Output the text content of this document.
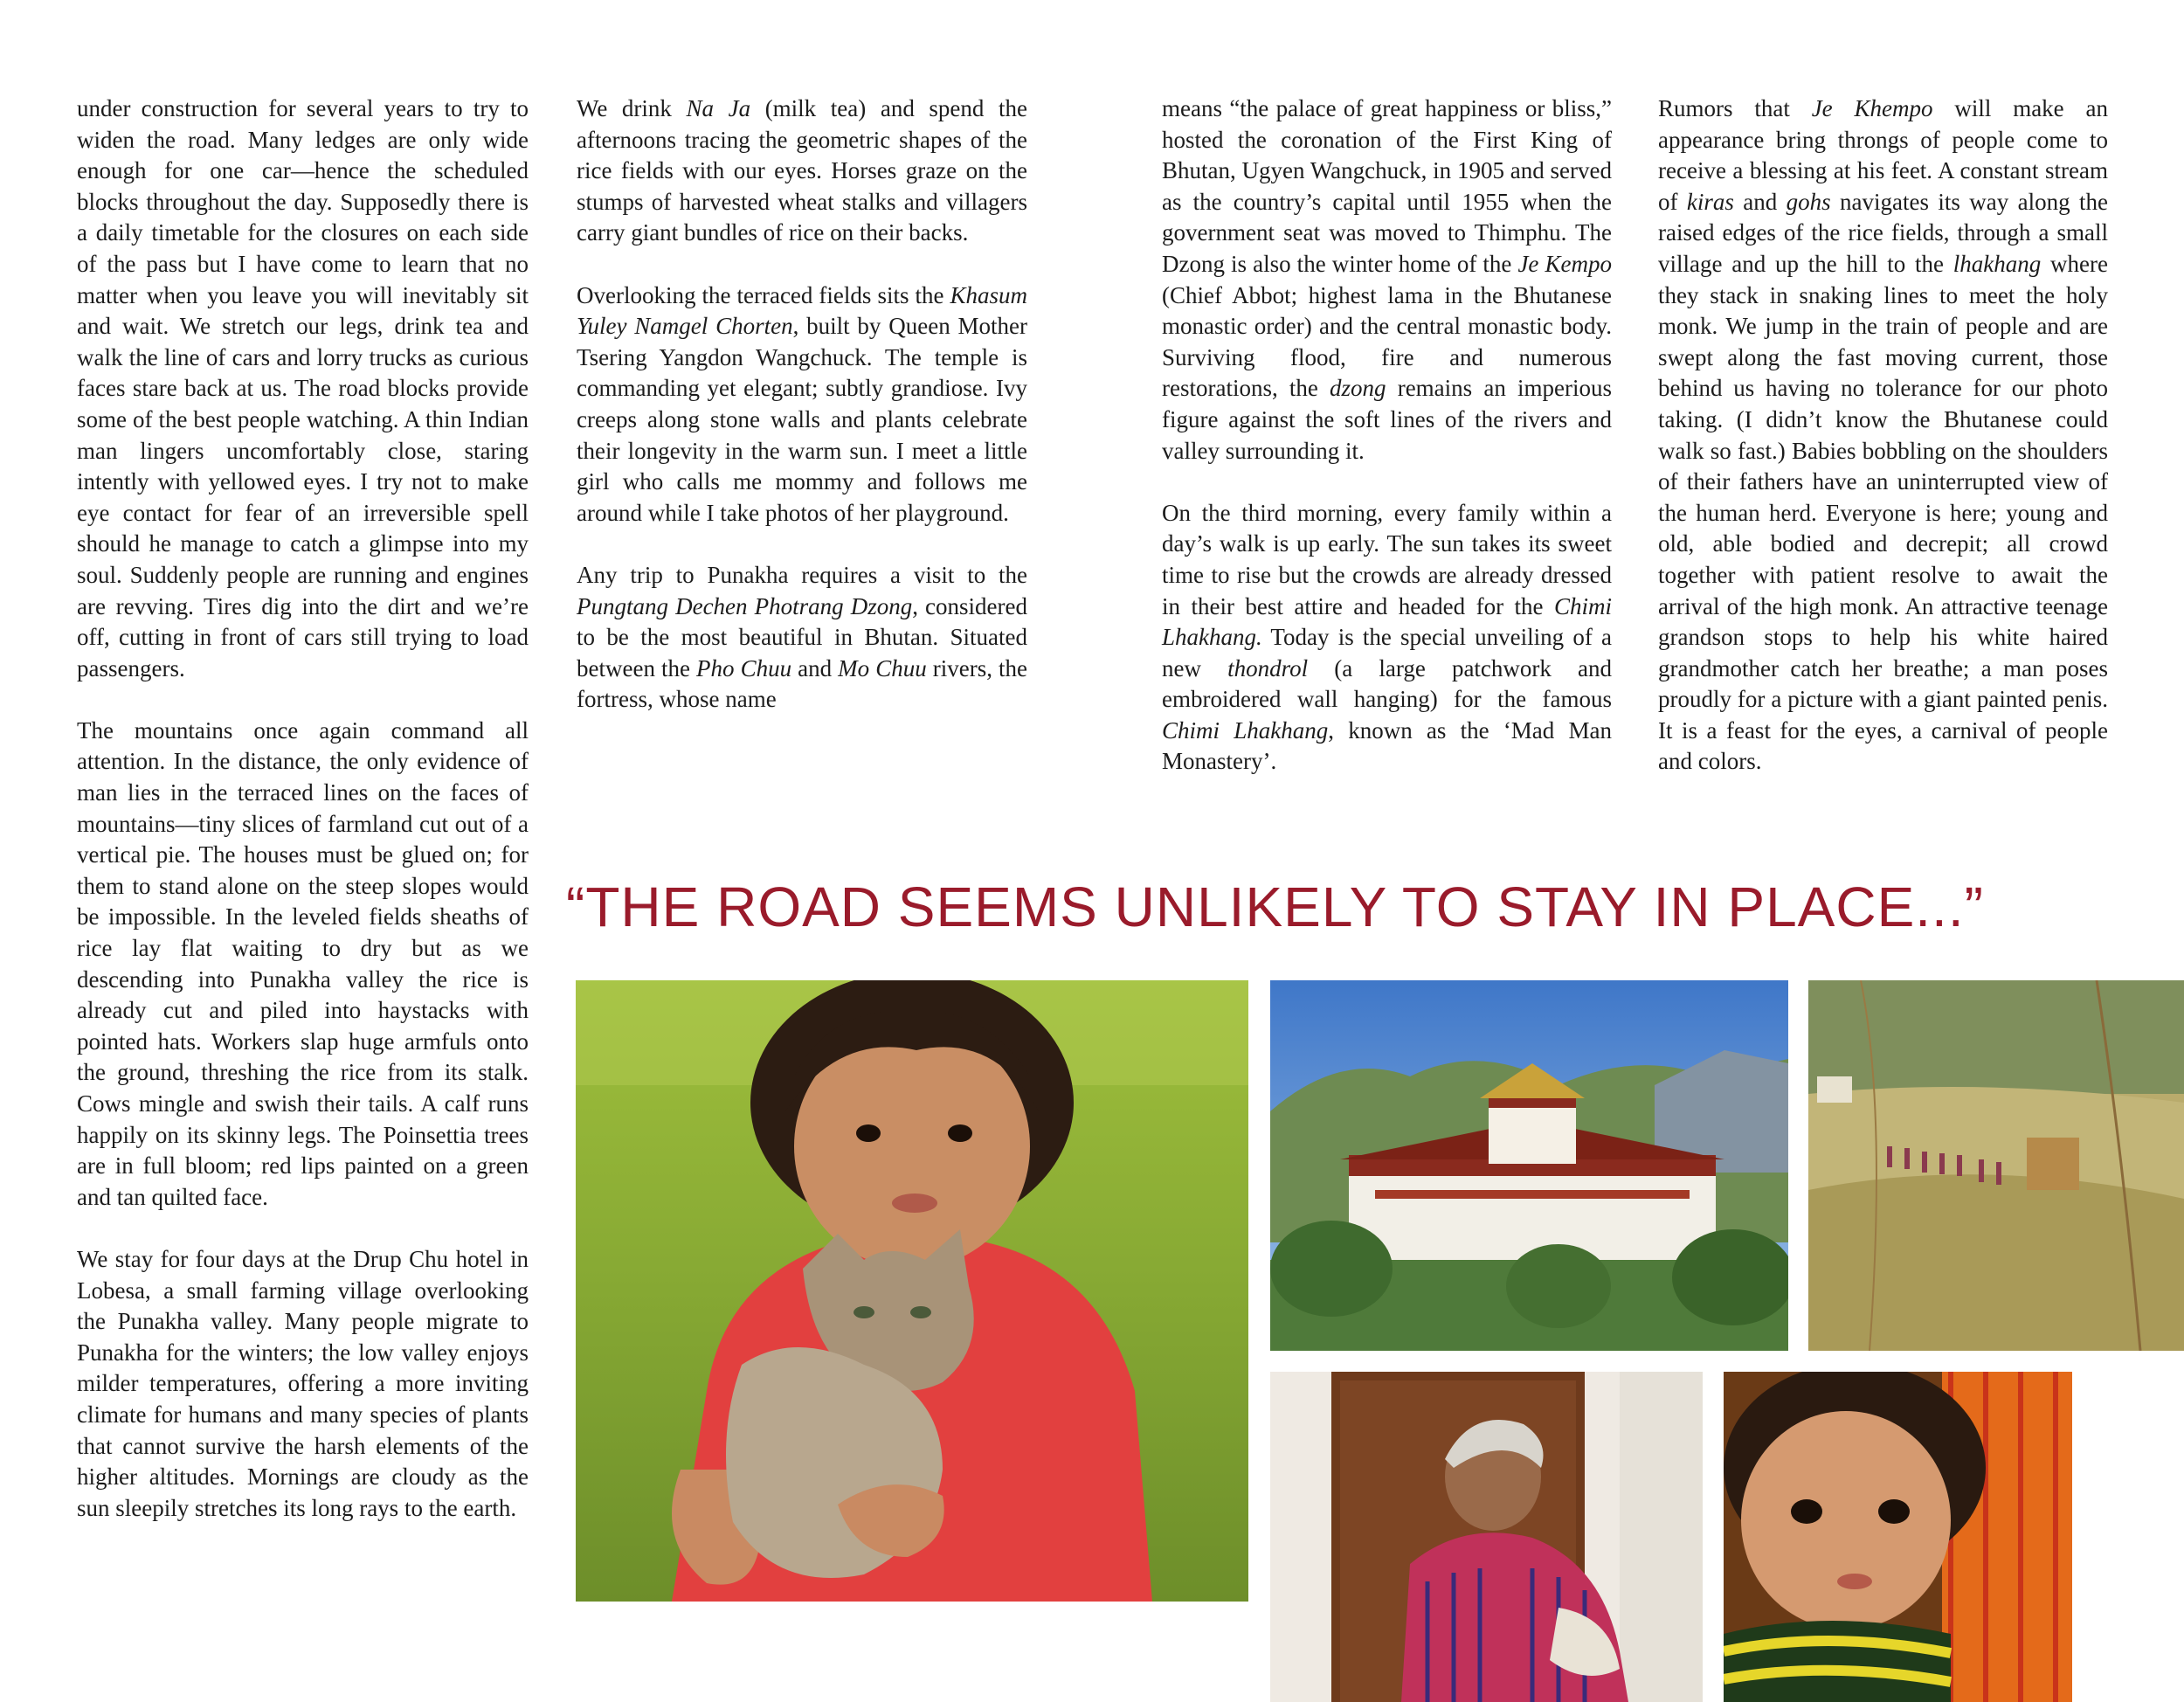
under construction for several years to try to widen the road. Many ledges are only wide enough for one car—hence the scheduled blocks throughout the day. Supposedly there is a daily timetable for the closures on each side of the pass but I have come to learn that no matter when you leave you will inevitably sit and wait. We stretch our legs, drink tea and walk the line of cars and lorry trucks as curious faces stare back at us. The road blocks provide some of the best people watching. A thin Indian man lingers uncomfortably close, staring intently with yellowed eyes. I try not to make eye contact for fear of an irreversible spell should he manage to catch a glimpse into my soul. Suddenly people are running and engines are revving. Tires dig into the dirt and we’re off, cutting in front of cars still trying to load passengers.

The mountains once again command all attention. In the distance, the only evidence of man lies in the terraced lines on the faces of mountains—tiny slices of farmland cut out of a vertical pie. The houses must be glued on; for them to stand alone on the steep slopes would be impossible. In the leveled fields sheaths of rice lay flat waiting to dry but as we descending into Punakha valley the rice is already cut and piled into haystacks with pointed hats. Workers slap huge armfuls onto the ground, threshing the rice from its stalk. Cows mingle and swish their tails. A calf runs happily on its skinny legs. The Poinsettia trees are in full bloom; red lips painted on a green and tan quilted face.

We stay for four days at the Drup Chu hotel in Lobesa, a small farming village overlooking the Punakha valley. Many people migrate to Punakha for the winters; the low valley enjoys milder temperatures, offering a more inviting climate for humans and many species of plants that cannot survive the harsh elements of the higher altitudes. Mornings are cloudy as the sun sleepily stretches its long rays to the earth.

We drink Na Ja (milk tea) and spend the afternoons tracing the geometric shapes of the rice fields with our eyes. Horses graze on the stumps of harvested wheat stalks and villagers carry giant bundles of rice on their backs.

Overlooking the terraced fields sits the Khasum Yuley Namgel Chorten, built by Queen Mother Tsering Yangdon Wangchuck. The temple is commanding yet elegant; subtly grandiose. Ivy creeps along stone walls and plants celebrate their longevity in the warm sun. I meet a little girl who calls me mommy and follows me around while I take photos of her playground.

Any trip to Punakha requires a visit to the Pungtang Dechen Photrang Dzong, considered to be the most beautiful in Bhutan. Situated between the Pho Chuu and Mo Chuu rivers, the fortress, whose name

means “the palace of great happiness or bliss,” hosted the coronation of the First King of Bhutan, Ugyen Wangchuck, in 1905 and served as the country’s capital until 1955 when the government seat was moved to Thimphu. The Dzong is also the winter home of the Je Kempo (Chief Abbot; highest lama in the Bhutanese monastic order) and the central monastic body. Surviving flood, fire and numerous restorations, the dzong remains an imperious figure against the soft lines of the rivers and valley surrounding it.

On the third morning, every family within a day’s walk is up early. The sun takes its sweet time to rise but the crowds are already dressed in their best attire and headed for the Chimi Lhakhang. Today is the special unveiling of a new thondrol (a large patchwork and embroidered wall hanging) for the famous Chimi Lhakhang, known as the ‘Mad Man Monastery’.

Rumors that Je Khempo will make an appearance bring throngs of people come to receive a blessing at his feet. A constant stream of kiras and gohs navigates its way along the raised edges of the rice fields, through a small village and up the hill to the lhakhang where they stack in snaking lines to meet the holy monk. We jump in the train of people and are swept along the fast moving current, those behind us having no tolerance for our photo taking. (I didn’t know the Bhutanese could walk so fast.) Babies bobbling on the shoulders of their fathers have an uninterrupted view of the human herd. Everyone is here; young and old, able bodied and decrepit; all crowd together with patient resolve to await the arrival of the high monk. An attractive teenage grandson stops to help his white haired grandmother catch her breathe; a man poses proudly for a picture with a giant painted penis. It is a feast for the eyes, a carnival of people and colors.

“THE ROAD SEEMS UNLIKELY TO STAY IN PLACE...”
